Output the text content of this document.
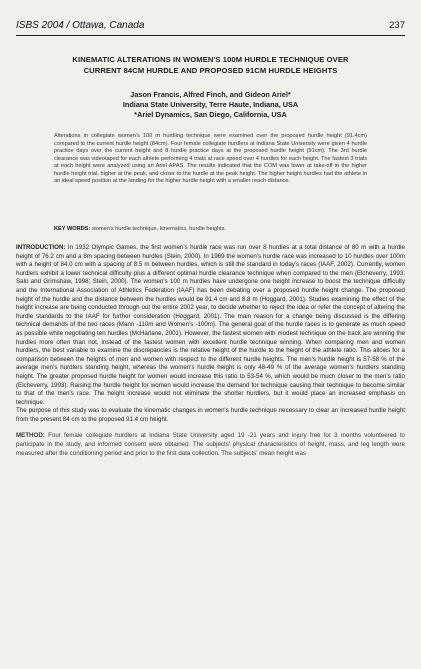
ISBS 2004 / Ottawa, Canada	237
KINEMATIC ALTERATIONS IN WOMEN'S 100M HURDLE TECHNIQUE OVER
CURRENT 84CM HURDLE AND PROPOSED 91CM HURDLE HEIGHTS
Jason Francis, Alfred Finch, and Gideon Ariel*
Indiana State University, Terre Haute, Indiana, USA
*Ariel Dynamics, San Diego, California, USA
Alterations in collegiate women's 100 m hurdling technique were examined over the proposed hurdle height (91.4cm) compared to the current hurdle height (84cm). Four female collegiate hurdlers at Indiana State University were given 4 hurdle practice days over the current height and 8 hurdle practice days at the proposed hurdle height (91cm). The 3rd hurdle clearance was videotaped for each athlete performing 4 trials at race speed over 4 hurdles for each height. The fastest 3 trials at each height were analyzed using an Ariel APAS. The results indicated that the COM was lower at take-off in the higher hurdle height trial, higher at the peak, and closer to the hurdle at the peak height. The higher height hurdles had the athlete in an ideal speed position at the landing for the higher hurdle height with a smaller reach distance.
KEY WORDS: women's hurdle technique, kinematics, hurdle heights.

INTRODUCTION: In 1932 Olympic Games, the first women's hurdle race was run over 8 hurdles at a total distance of 80 m with a hurdle height of 76.2 cm and a 8m spacing between hurdles (Stein, 2000). In 1969 the women's hurdle race was increased to 10 hurdles over 100m with a height of 84.0 cm with a spacing of 8.5 m between hurdles, which is still the standard in today's races (IAAF, 2002). Currently, women hurdlers exhibit a lower technical difficulty plus a different optimal hurdle clearance technique when compared to the men (Elcheverry, 1993; Salo and Grimshaw, 1998; Stein, 2000). The women's 100 m hurdles have undergone one height increase to boost the technique difficulty and the International Association of Athletics Federation (IAAF) has been debating over a proposed hurdle height change. The proposed height of the hurdle and the distance between the hurdles would be 91.4 cm and 8.8 m (Hoggard, 2001). Studies examining the effect of the height increase are being conducted through out the entire 2002 year, to decide whether to reject the idea or refer the concept of altering the hurdle standards to the IAAF for further consideration (Hoggard, 2001). The main reason for a change being discussed is the differing technical demands of the two races (Mann -110m and Women's -100m). The general goal of the hurdle races is to generate as much speed as possible while negotiating ten hurdles (McHarlane, 2001). However, the fastest women with modest technique on the track are winning the hurdles more often than not, instead of the fastest women with excellent hurdle technique winning. When comparing men and women hurdlers, the best variable to examine the discrepancies is the relative height of the hurdle to the height of the athlete ratio. This allows for a comparison between the heights of men and women with respect to the different hurdle heights. The men's hurdle height is 57-58 % of the average men's hurdlers standing height, whereas the women's hurdle height is only 48-49 % of the average women's hurdlers standing height. The greater proposed hurdle height for women would increase this ratio to 53-54 %, which would be much closer to the men's ratio (Elcheverry, 1993). Raising the hurdle height for women would increase the demand for technique causing their technique to become similar to that of the men's race. The height increase would not eliminate the shorter hurdlers, but it would place an increased emphasis on technique.

The purpose of this study was to evaluate the kinematic changes in women's hurdle technique necessary to clear an increased hurdle height from the present 84 cm to the proposed 91.4 cm height.

METHOD: Four female collegiate hurdlers at Indiana State University aged 19 -21 years and injury free for 3 months volunteered to participate in the study, and informed consent were obtained. The subjects' physical characteristics of height, mass, and leg length were measured after the conditioning period and prior to the first data collection. The subjects' mean height was
